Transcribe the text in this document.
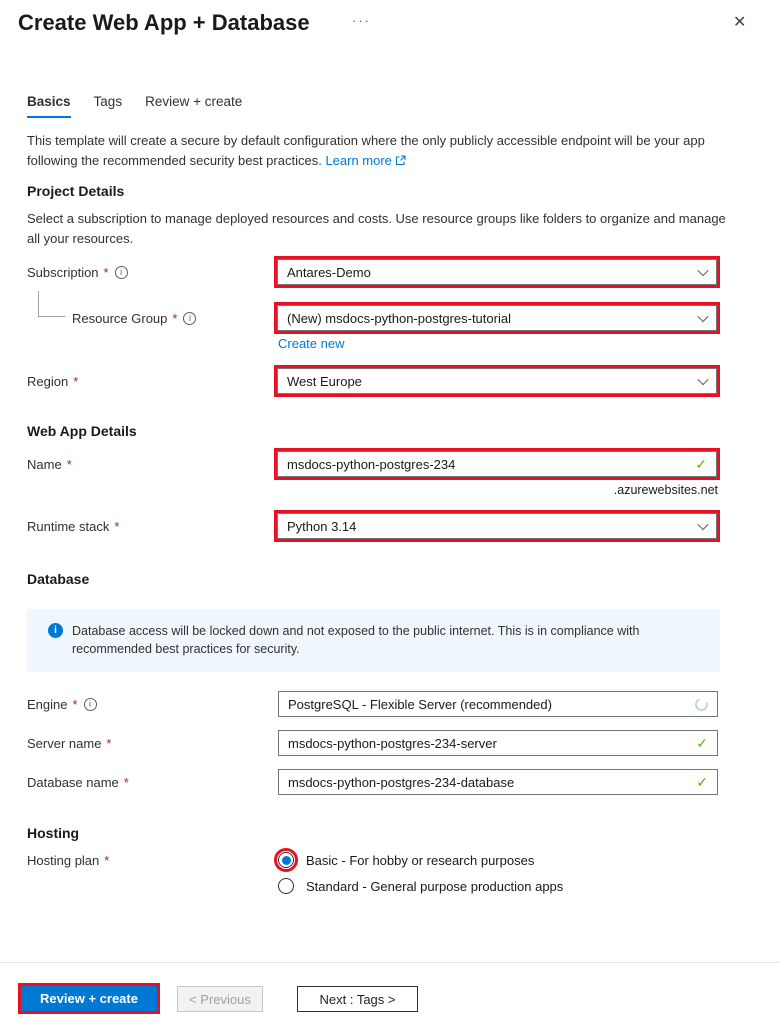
Create Web App + Database
···
✕
Basics Tags Review + create

This template will create a secure by default configuration where the only publicly accessible endpoint will be your app following the recommended security best practices. Learn more

Project Details

Select a subscription to manage deployed resources and costs. Use resource groups like folders to organize and manage all your resources.

Subscription * i	Antares-Demo
Resource Group * i	(New) msdocs-python-postgres-tutorial
Create new
Region *	West Europe
Web App Details
Name *	msdocs-python-postgres-234
✓
.azurewebsites.net
Runtime stack *	Python 3.14
Database
i
Database access will be locked down and not exposed to the public internet. This is in compliance with recommended best practices for security.
Engine * i	PostgreSQL - Flexible Server (recommended)
Server name *	msdocs-python-postgres-234-server
✓
Database name *	msdocs-python-postgres-234-database
✓
Hosting
Hosting plan *	Basic - For hobby or research purposes
Standard - General purpose production apps
Review + create	< Previous	Next : Tags >
